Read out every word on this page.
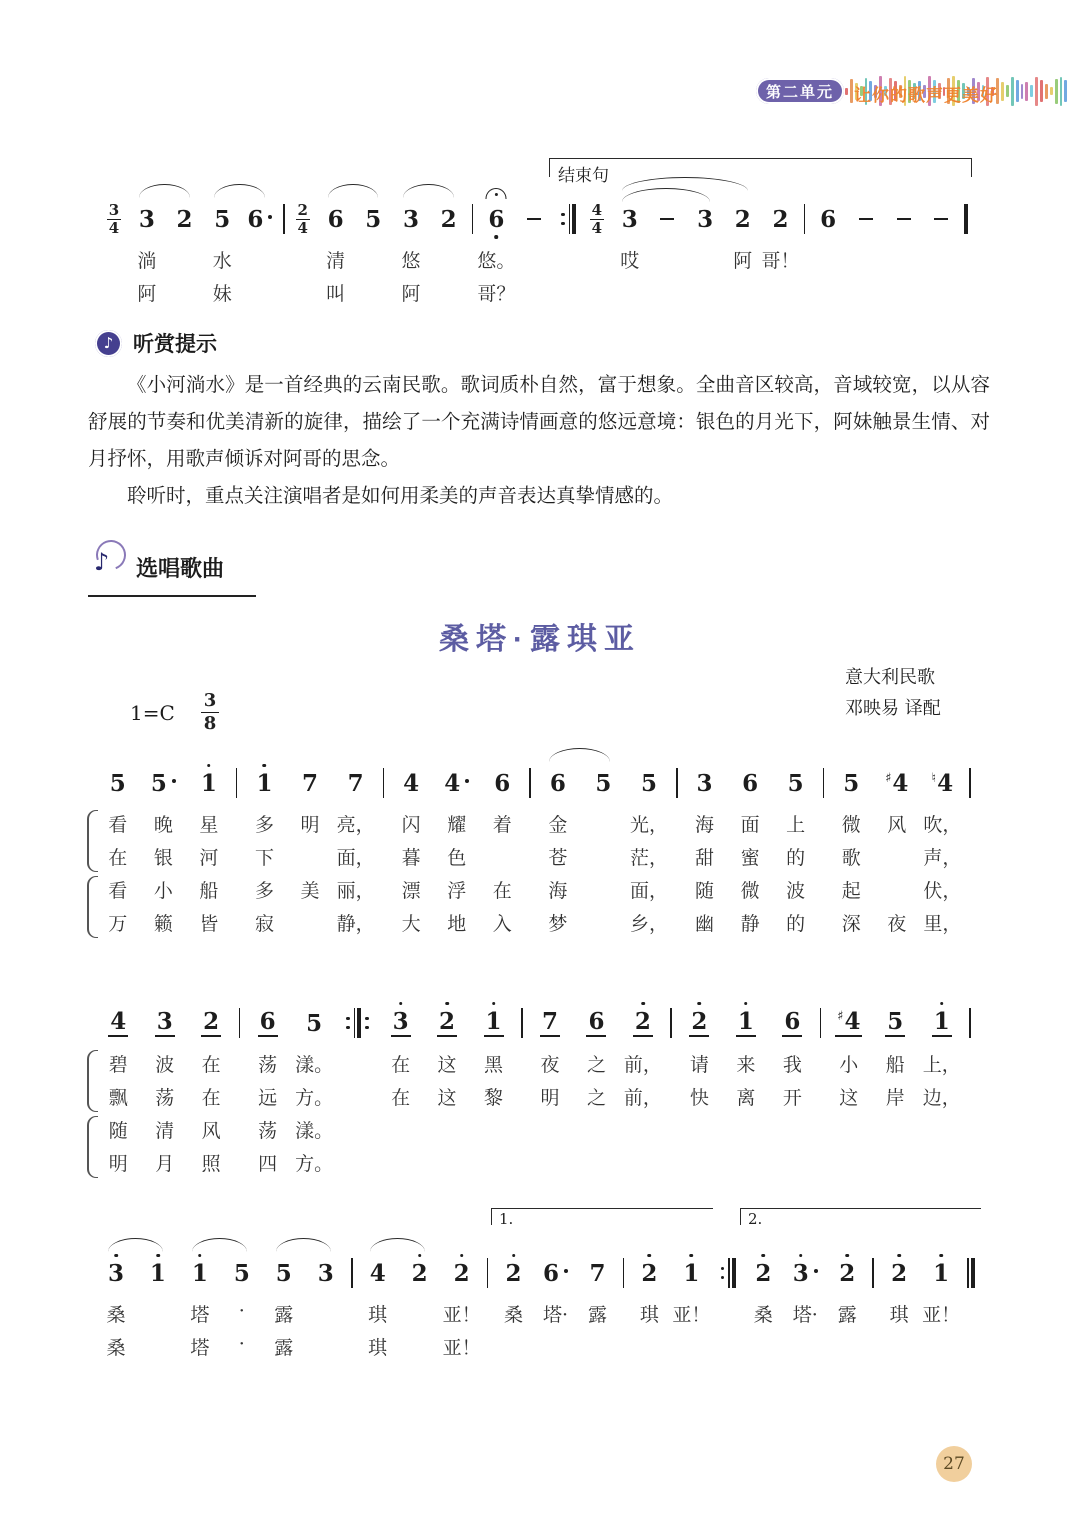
第二单元	让你的歌声更美好
3
4 3
淌
阿
2 5
水
妹
6 2
4 6
清
叫
5 3
悠
阿
2 6
悠。
哥？
4
4 3
哎
3 2
阿
2
哥！
6
结束句
♪ 听赏提示

《小河淌水》是一首经典的云南民歌。歌词质朴自然，富于想象。全曲音区较高，音域较宽，以从容舒展的节奏和优美清新的旋律，描绘了一个充满诗情画意的悠远意境：银色的月光下，阿妹触景生情、对月抒怀，用歌声倾诉对阿哥的思念。

聆听时，重点关注演唱者是如何用柔美的声音表达真挚情感的。

♪ 选唱歌曲
桑塔·露琪亚
意大利民歌
邓映易 译配
1=C 3
8
5
看
在
看
万
5
晚
银
小
籁
1
星
河
船
皆
1
多
下
多
寂
7
明
美
7
亮，
面，
丽，
静，
4
闪
暮
漂
大
4
耀
色
浮
地
6
着
在
入
6
金
苍
海
梦
5 5
光，
茫，
面，
乡，
3
海
甜
随
幽
6
面
蜜
微
静
5
上
的
波
的
5
微
歌
起
深
♯ 4
风
夜
♮ 4
吹，
声，
伏，
里，
4
碧
飘
随
明
3
波
荡
清
月
2
在
在
风
照
6
荡
远
荡
四
5
漾。
方。
漾。
方。
3
在
在
2
这
这
1
黑
黎
7
夜
明
6
之
之
2
前，
前，
2
请
快
1
来
离
6
我
开
♯ 4
小
这
5
船
岸
1
上，
边，
3
桑
桑
1 1
塔
塔
5
·
·
5
露
露
3 4
琪
琪
2 2
亚！
亚！
2
桑
6
塔·
7
露
2
琪
1
亚！
2
桑
3
塔·
2
露
2
琪
1
亚！
1.	2.
27
